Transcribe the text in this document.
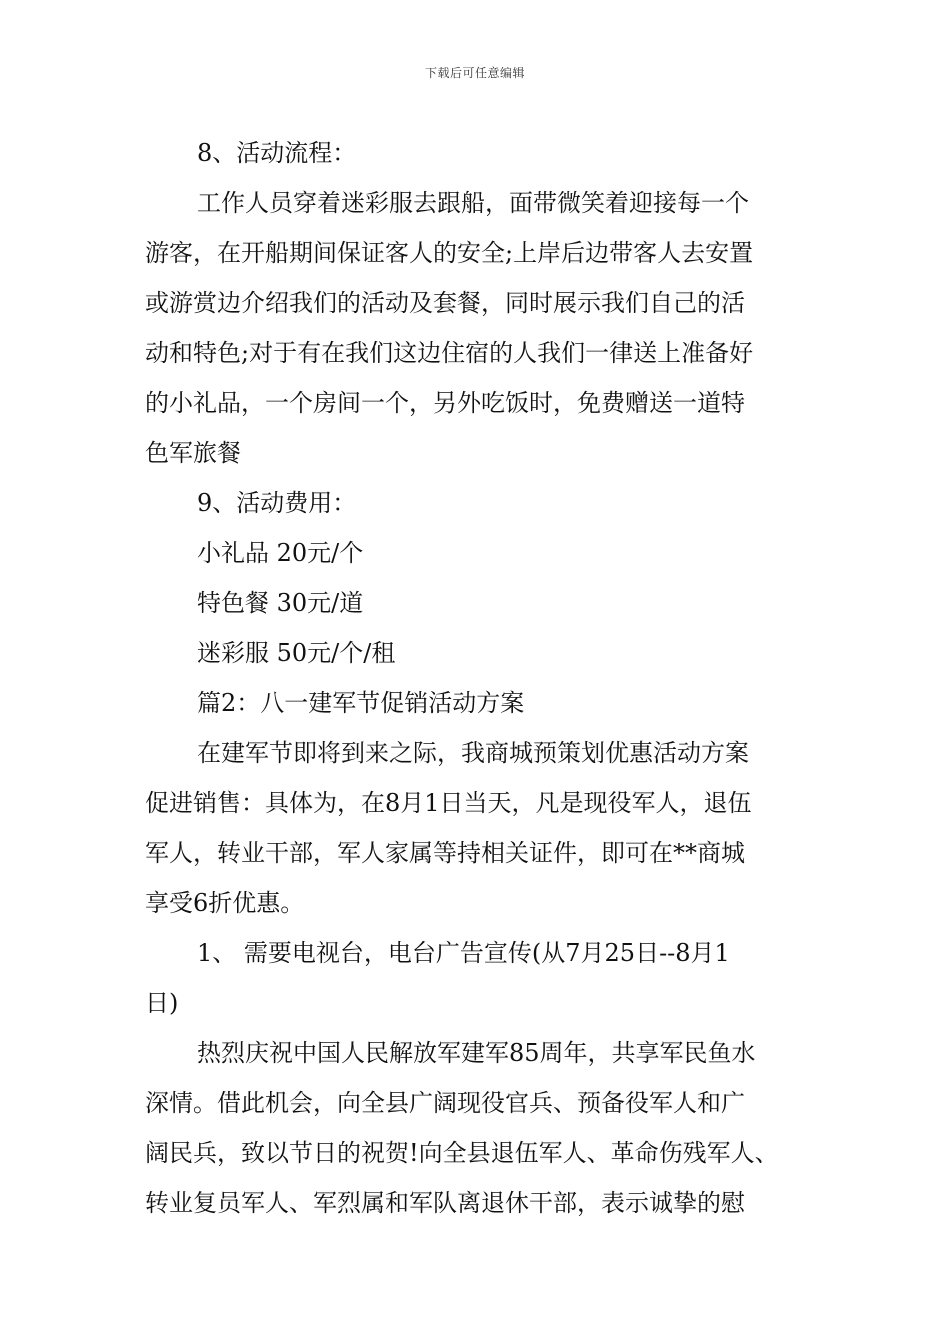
下载后可任意编辑
8、活动流程：
工作人员穿着迷彩服去跟船，面带微笑着迎接每一个
游客，在开船期间保证客人的安全;上岸后边带客人去安置
或游赏边介绍我们的活动及套餐，同时展示我们自己的活
动和特色;对于有在我们这边住宿的人我们一律送上准备好
的小礼品，一个房间一个，另外吃饭时，免费赠送一道特
色军旅餐
9、活动费用：
小礼品 20元/个
特色餐 30元/道
迷彩服 50元/个/租
篇2：八一建军节促销活动方案
在建军节即将到来之际，我商城预策划优惠活动方案
促进销售：具体为，在8月1日当天，凡是现役军人，退伍
军人，转业干部，军人家属等持相关证件，即可在**商城
享受6折优惠。
1、 需要电视台，电台广告宣传(从7月25日--8月1
日)
热烈庆祝中国人民解放军建军85周年，共享军民鱼水
深情。借此机会，向全县广阔现役官兵、预备役军人和广
阔民兵，致以节日的祝贺!向全县退伍军人、革命伤残军人、
转业复员军人、军烈属和军队离退休干部，表示诚挚的慰
